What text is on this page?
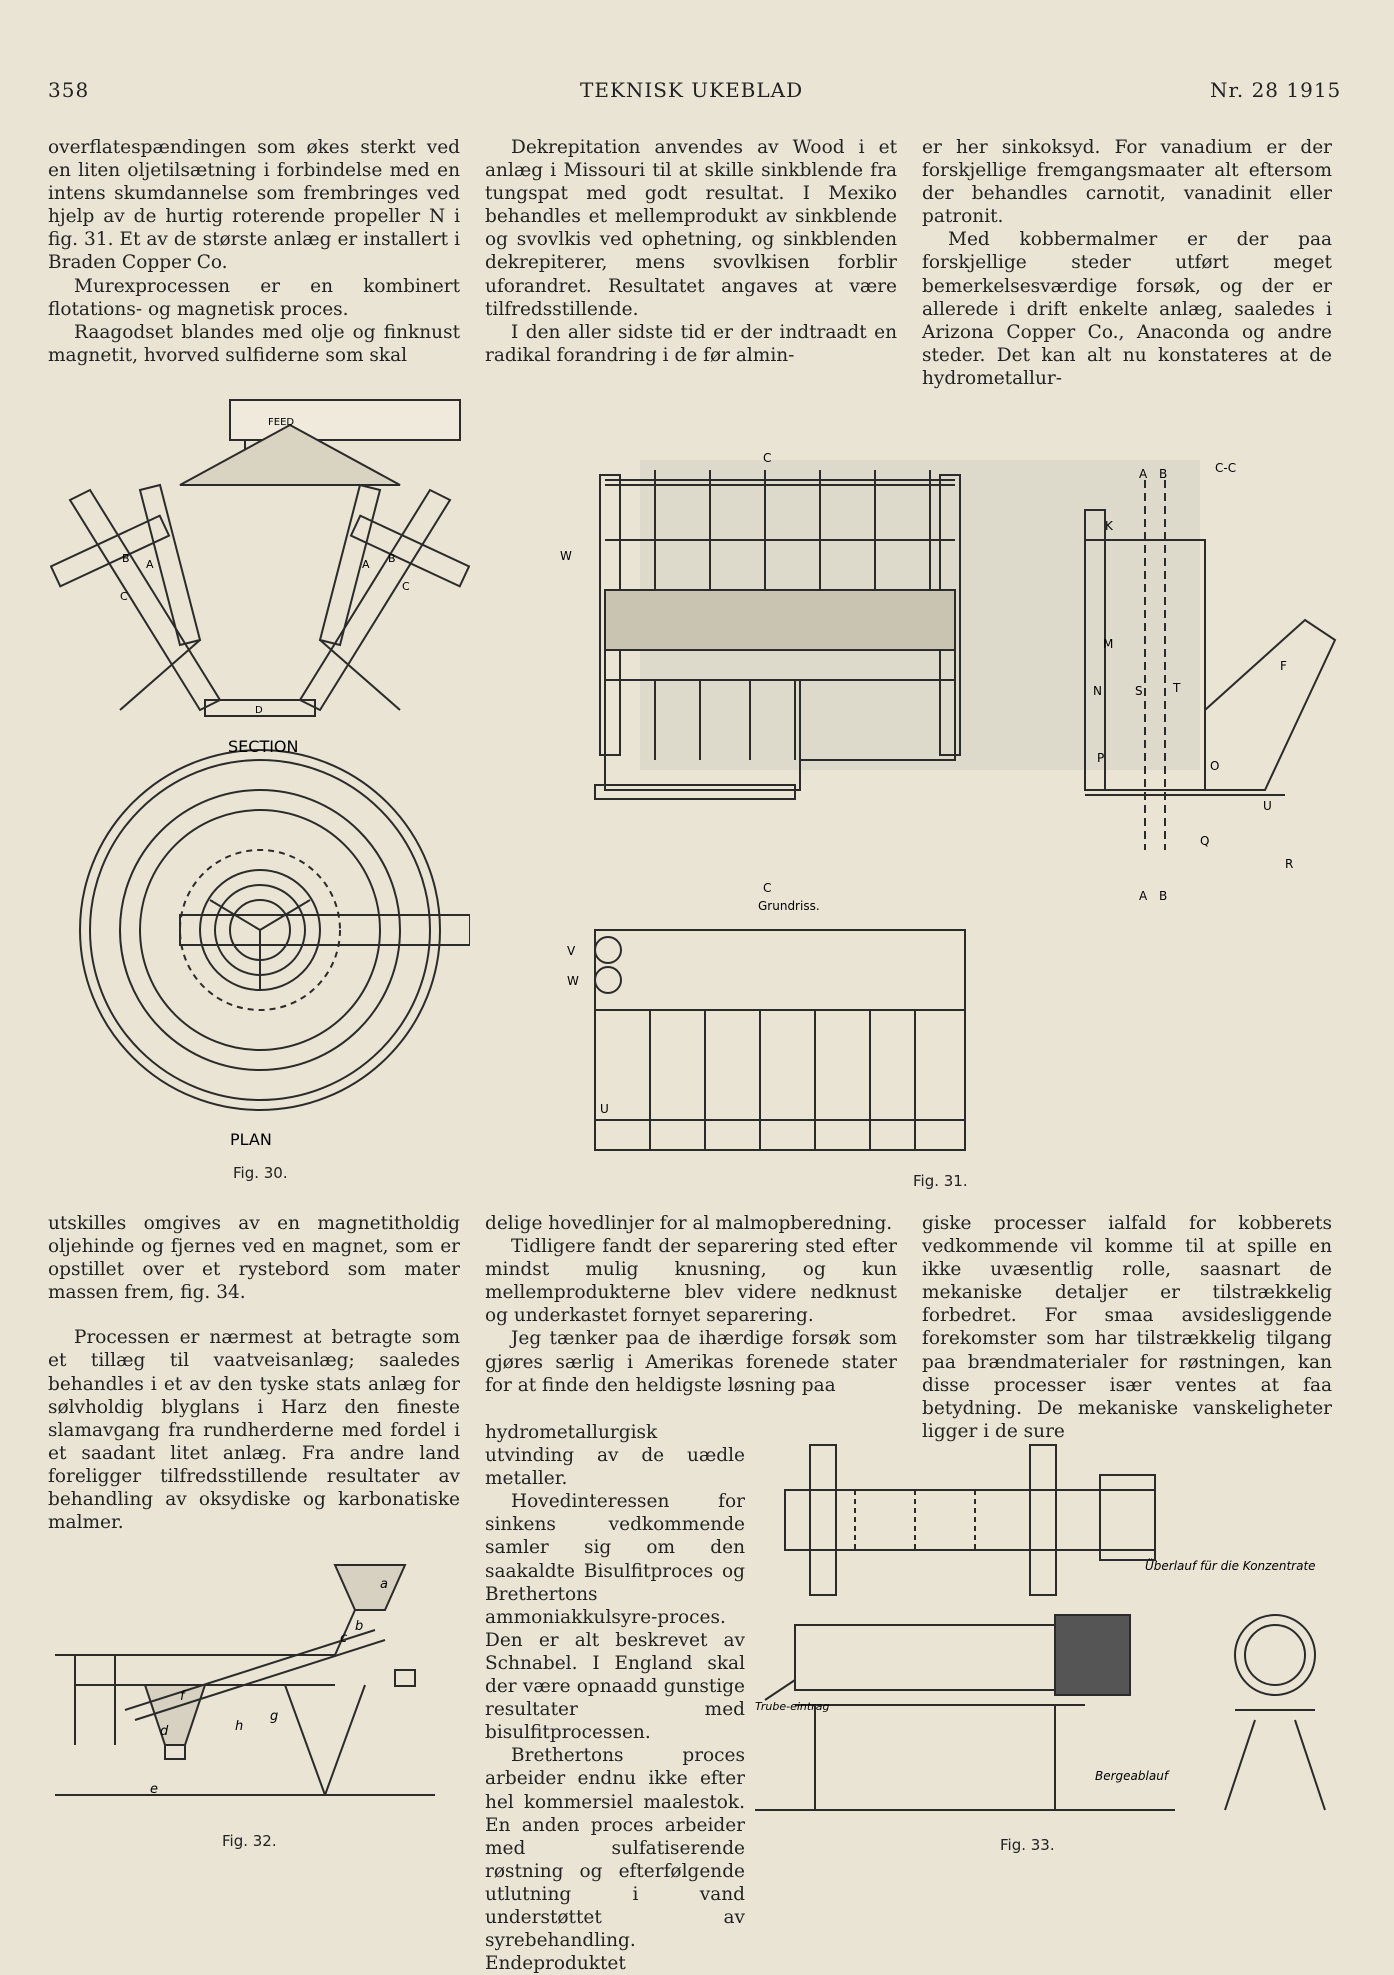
358	TEKNISK UKEBLAD	Nr. 28 1915

overflatespændingen som økes sterkt ved en liten oljetilsætning i forbindelse med en intens skumdannelse som frembringes ved hjelp av de hurtig roterende propeller N i fig. 31. Et av de største anlæg er installert i Braden Copper Co.

Murexprocessen er en kombinert flotations- og magnetisk proces.

Raagodset blandes med olje og finknust magnetit, hvorved sulfiderne som skal

Dekrepitation anvendes av Wood i et anlæg i Missouri til at skille sinkblende fra tungspat med godt resultat. I Mexiko behandles et mellemprodukt av sinkblende og svovlkis ved ophetning, og sinkblenden dekrepiterer, mens svovlkisen forblir uforandret. Resultatet angaves at være tilfredsstillende.

I den aller sidste tid er der indtraadt en radikal forandring i de før almin-

er her sinkoksyd. For vanadium er der forskjellige fremgangsmaater alt eftersom der behandles carnotit, vanadinit eller patronit.

Med kobbermalmer er der paa forskjellige steder utført meget bemerkelsesværdige forsøk, og der er allerede i drift enkelte anlæg, saaledes i Arizona Copper Co., Anaconda og andre steder. Det kan alt nu konstateres at de hydrometallur-

FEED
B A	A B
C
C
D
SECTION
PLAN
Fig. 30.
W
V
W
U
K
M
N	S	T
F
P
O
U
Q
R
A B
A B
C
C
C-C
Grundriss.
Fig. 31.

utskilles omgives av en magnetitholdig oljehinde og fjernes ved en magnet, som er opstillet over et rystebord som mater massen frem, fig. 34.

Processen er nærmest at betragte som et tillæg til vaatveisanlæg; saaledes behandles i et av den tyske stats anlæg for sølvholdig blyglans i Harz den fineste slamavgang fra rundherderne med fordel i et saadant litet anlæg. Fra andre land foreligger tilfredsstillende resultater av behandling av oksydiske og karbonatiske malmer.

delige hovedlinjer for al malmopberedning.

Tidligere fandt der separering sted efter mindst mulig knusning, og kun mellemprodukterne blev videre nedknust og underkastet fornyet separering.

Jeg tænker paa de ihærdige forsøk som gjøres særlig i Amerikas forenede stater for at finde den heldigste løsning paa

hydrometallurgisk utvinding av de uædle metaller.

Hovedinteressen for sinkens vedkommende samler sig om den saakaldte Bisulfitproces og Brethertons ammoniakkulsyre-proces. Den er alt beskrevet av Schnabel. I England skal der være opnaadd gunstige resultater med bisulfitprocessen.

Brethertons proces arbeider endnu ikke efter hel kommersiel maalestok. En anden proces arbeider med sulfatiserende røstning og efterfølgende utlutning i vand understøttet av syrebehandling. Endeproduktet

giske processer ialfald for kobberets vedkommende vil komme til at spille en ikke uvæsentlig rolle, saasnart de mekaniske detaljer er tilstrækkelig forbedret. For smaa avsidesliggende forekomster som har tilstrækkelig tilgang paa brændmaterialer for røstningen, kan disse processer især ventes at faa betydning. De mekaniske vanskeligheter ligger i de sure

a
b
c
f
g
h
d
e
Fig. 32.
Überlauf für die Konzentrate
Trube-eintrag
Bergeablauf
Fig. 33.
